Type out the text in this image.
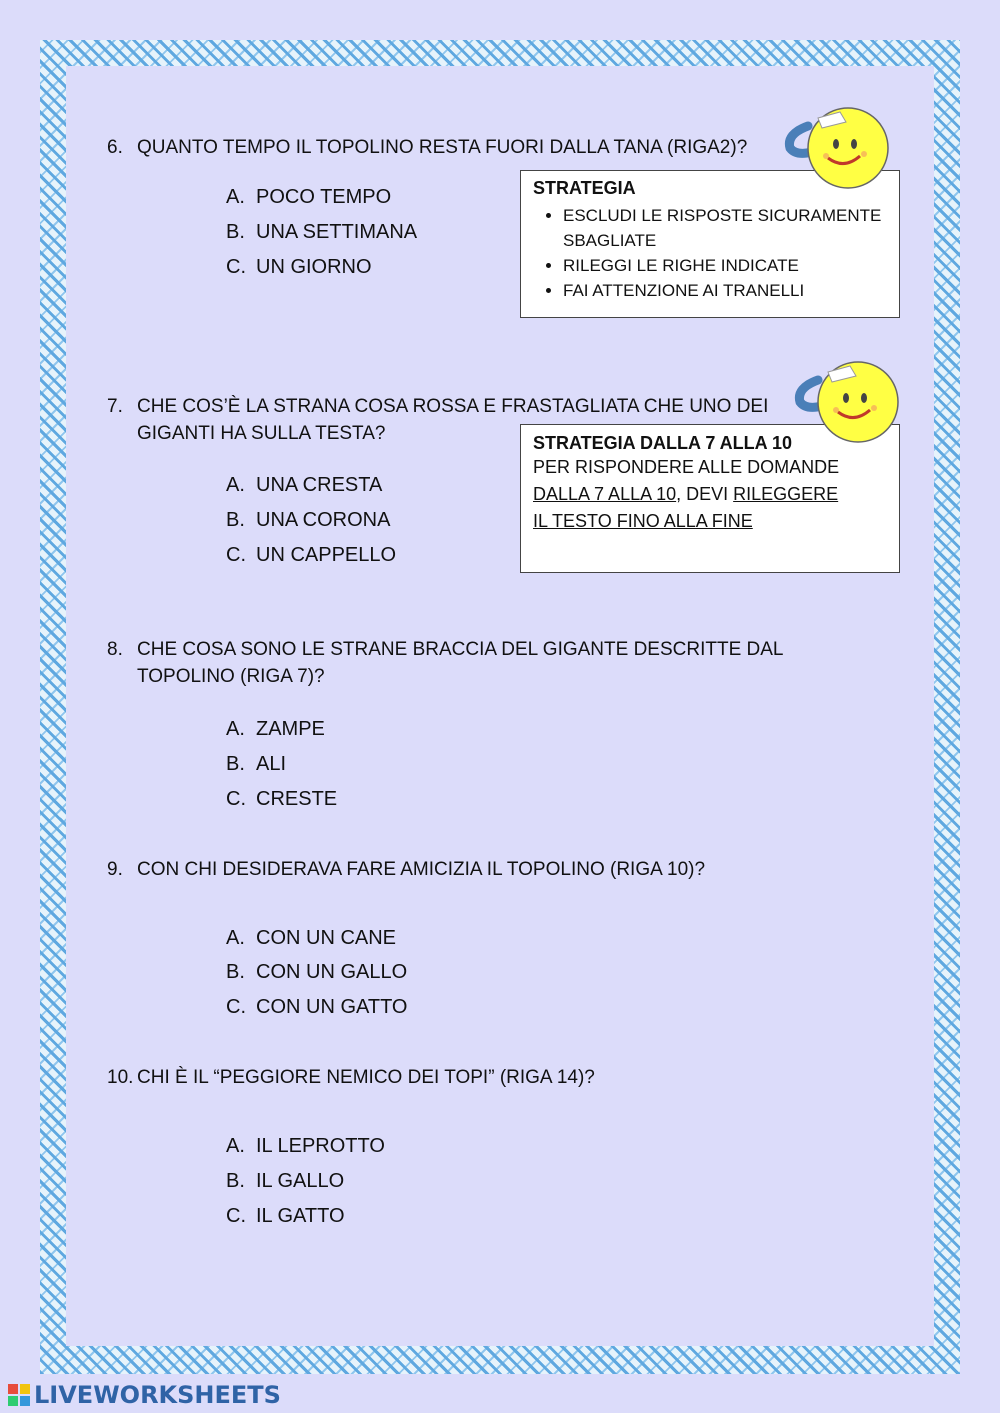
6. QUANTO TEMPO IL TOPOLINO RESTA FUORI DALLA TANA (RIGA2)?
A. POCO TEMPO
B. UNA SETTIMANA
C. UN GIORNO
STRATEGIA
• ESCLUDI LE RISPOSTE SICURAMENTE SBAGLIATE
• RILEGGI LE RIGHE INDICATE
• FAI ATTENZIONE AI TRANELLI
7. CHE COS’È LA STRANA COSA ROSSA E FRASTAGLIATA CHE UNO DEI GIGANTI HA SULLA TESTA?
A. UNA CRESTA
B. UNA CORONA
C. UN CAPPELLO
STRATEGIA DALLA 7 ALLA 10
PER RISPONDERE ALLE DOMANDE
DALLA 7 ALLA 10, DEVI RILEGGERE
IL TESTO FINO ALLA FINE
8. CHE COSA SONO LE STRANE BRACCIA DEL GIGANTE DESCRITTE DAL TOPOLINO (RIGA 7)?
A. ZAMPE
B. ALI
C. CRESTE
9. CON CHI DESIDERAVA FARE AMICIZIA IL TOPOLINO (RIGA 10)?
A. CON UN CANE
B. CON UN GALLO
C. CON UN GATTO
10. CHI È IL “PEGGIORE NEMICO DEI TOPI” (RIGA 14)?
A. IL LEPROTTO
B. IL GALLO
C. IL GATTO
LIVEWORKSHEETS
